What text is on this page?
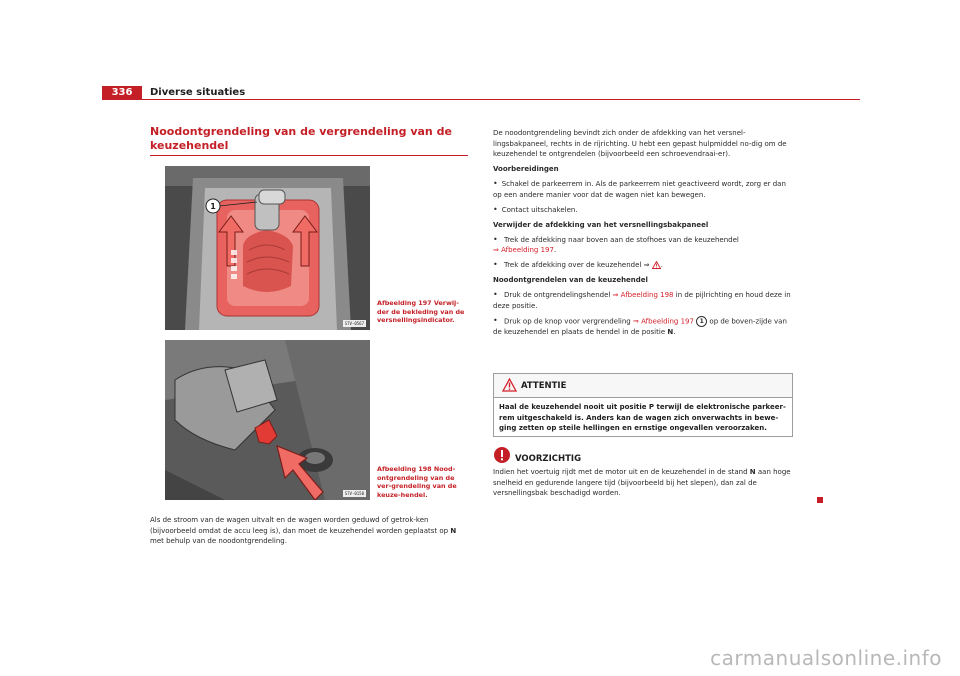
336	Diverse situaties
Noodontgrendeling van de vergrendeling van de keuzehendel
1
S7V-0567
Afbeelding 197 Verwij-der de bekleding van de versnellingsindicator.
S7V-0150
Afbeelding 198 Nood-ontgrendeling van de ver-grendeling van de keuze-hendel.
Als de stroom van de wagen uitvalt en de wagen worden geduwd of getrok-ken (bijvoorbeeld omdat de accu leeg is), dan moet de keuzehendel worden geplaatst op N met behulp van de noodontgrendeling.

De noodontgrendeling bevindt zich onder de afdekking van het versnel-lingsbakpaneel, rechts in de rijrichting. U hebt een gepast hulpmiddel no-dig om de keuzehendel te ontgrendelen (bijvoorbeeld een schroevendraai-er).

Voorbereidingen

• Schakel de parkeerrem in. Als de parkeerrem niet geactiveerd wordt, zorg er dan op een andere manier voor dat de wagen niet kan bewegen.

• Contact uitschakelen.

Verwijder de afdekking van het versnellingsbakpaneel

• Trek de afdekking naar boven aan de stofhoes van de keuzehendel
⇒ Afbeelding 197.

• Trek de afdekking over de keuzehendel ⇒ .

Noodontgrendelen van de keuzehendel

• Druk de ontgrendelingshendel ⇒ Afbeelding 198 in de pijlrichting en houd deze in deze positie.

• Druk op de knop voor vergrendeling ⇒ Afbeelding 197 1 op de boven-zijde van de keuzehendel en plaats de hendel in de positie N.

ATTENTIE
Haal de keuzehendel nooit uit positie P terwijl de elektronische parkeer-rem uitgeschakeld is. Anders kan de wagen zich onverwachts in bewe-ging zetten op steile hellingen en ernstige ongevallen veroorzaken.
VOORZICHTIG
Indien het voertuig rijdt met de motor uit en de keuzehendel in de stand N aan hoge snelheid en gedurende langere tijd (bijvoorbeeld bij het slepen), dan zal de versnellingsbak beschadigd worden.
carmanualsonline.info
